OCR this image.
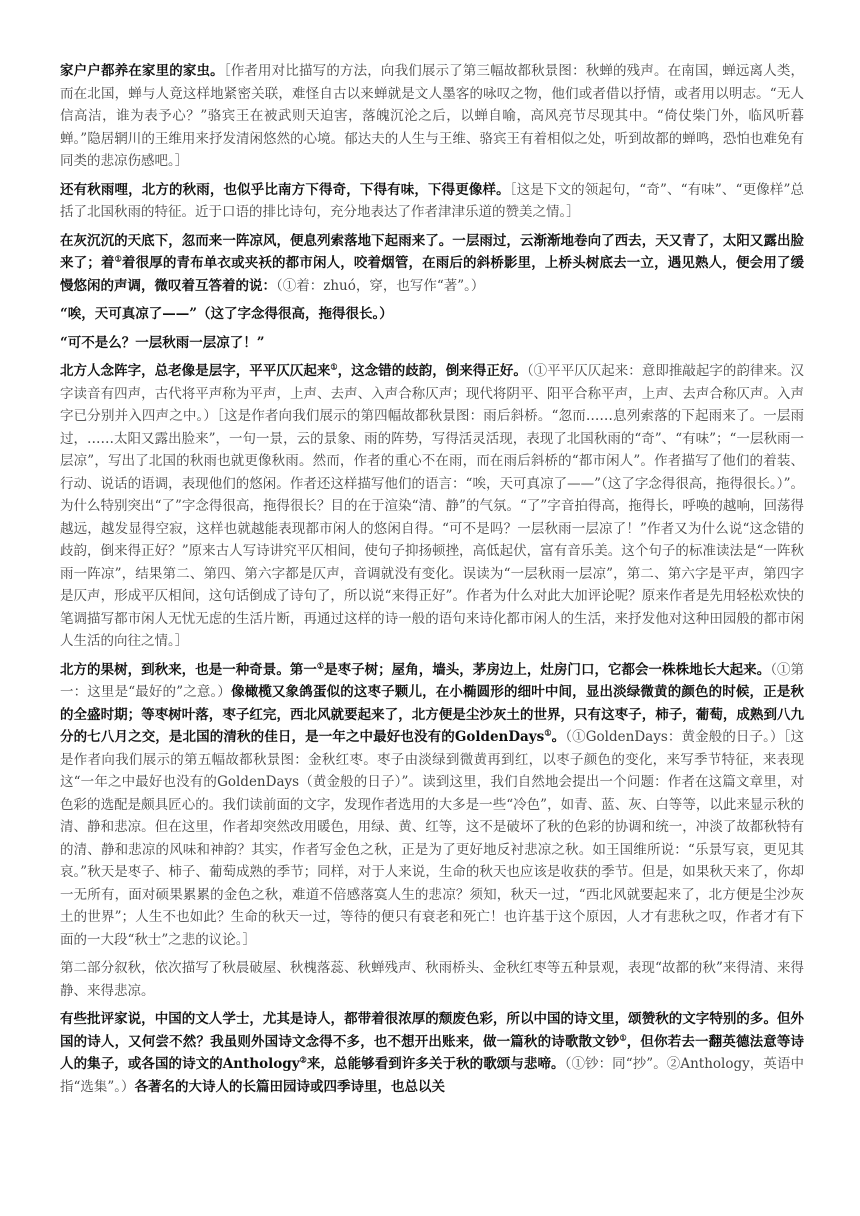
家户户都养在家里的家虫。［作者用对比描写的方法，向我们展示了第三幅故都秋景图：秋蝉的残声。在南国，蝉远离人类，而在北国，蝉与人竟这样地紧密关联，难怪自古以来蝉就是文人墨客的咏叹之物，他们或者借以抒情，或者用以明志。“无人信高洁，谁为表予心？”骆宾王在被武则天迫害，落魄沉沦之后，以蝉自喻，高风亮节尽现其中。“倚仗柴门外，临风听暮蝉。”隐居辋川的王维用来抒发清闲悠然的心境。郁达夫的人生与王维、骆宾王有着相似之处，听到故都的蝉鸣，恐怕也难免有同类的悲凉伤感吧。］

还有秋雨哩，北方的秋雨，也似乎比南方下得奇，下得有味，下得更像样。［这是下文的领起句，“奇”、“有味”、“更像样”总括了北国秋雨的特征。近于口语的排比诗句，充分地表达了作者津津乐道的赞美之情。］

在灰沉沉的天底下，忽而来一阵凉风，便息列索落地下起雨来了。一层雨过，云渐渐地卷向了西去，天又青了，太阳又露出脸来了；着①着很厚的青布单衣或夹袄的都市闲人，咬着烟管，在雨后的斜桥影里，上桥头树底去一立，遇见熟人，便会用了缓慢悠闲的声调，微叹着互答着的说：（①着：zhuó，穿，也写作“著”。）

“唉，天可真凉了——”（这了字念得很高，拖得很长。）

“可不是么？一层秋雨一层凉了！”

北方人念阵字，总老像是层字，平平仄仄起来①，这念错的歧韵，倒来得正好。（①平平仄仄起来：意即推敲起字的韵律来。汉字读音有四声，古代将平声称为平声，上声、去声、入声合称仄声；现代将阴平、阳平合称平声，上声、去声合称仄声。入声字已分别并入四声之中。）［这是作者向我们展示的第四幅故都秋景图：雨后斜桥。“忽而……息列索落的下起雨来了。一层雨过，……太阳又露出脸来”，一句一景，云的景象、雨的阵势，写得活灵活现，表现了北国秋雨的“奇”、“有味”；“一层秋雨一层凉”，写出了北国的秋雨也就更像秋雨。然而，作者的重心不在雨，而在雨后斜桥的“都市闲人”。作者描写了他们的着装、行动、说话的语调，表现他们的悠闲。作者还这样描写他们的语言：“唉，天可真凉了——”（这了字念得很高，拖得很长。）”。为什么特别突出“了”字念得很高，拖得很长？目的在于渲染“清、静”的气氛。“了”字音拍得高，拖得长，呼唤的越响，回荡得越远，越发显得空寂，这样也就越能表现都市闲人的悠闲自得。“可不是吗？一层秋雨一层凉了！”作者又为什么说“这念错的歧韵，倒来得正好？”原来古人写诗讲究平仄相间，使句子抑扬顿挫，高低起伏，富有音乐美。这个句子的标准读法是“一阵秋雨一阵凉”，结果第二、第四、第六字都是仄声，音调就没有变化。误读为“一层秋雨一层凉”，第二、第六字是平声，第四字是仄声，形成平仄相间，这句话倒成了诗句了，所以说“来得正好”。作者为什么对此大加评论呢？原来作者是先用轻松欢快的笔调描写都市闲人无忧无虑的生活片断，再通过这样的诗一般的语句来诗化都市闲人的生活，来抒发他对这种田园般的都市闲人生活的向往之情。］

北方的果树，到秋来，也是一种奇景。第一①是枣子树；屋角，墙头，茅房边上，灶房门口，它都会一株株地长大起来。（①第一：这里是“最好的”之意。）像橄榄又象鸽蛋似的这枣子颗儿，在小椭圆形的细叶中间，显出淡绿微黄的颜色的时候，正是秋的全盛时期；等枣树叶落，枣子红完，西北风就要起来了，北方便是尘沙灰土的世界，只有这枣子，柿子，葡萄，成熟到八九分的七八月之交，是北国的清秋的佳日，是一年之中最好也没有的GoldenDays①。（①GoldenDays：黄金般的日子。）［这是作者向我们展示的第五幅故都秋景图：金秋红枣。枣子由淡绿到微黄再到红，以枣子颜色的变化，来写季节特征，来表现这“一年之中最好也没有的GoldenDays（黄金般的日子）”。读到这里，我们自然地会提出一个问题：作者在这篇文章里，对色彩的选配是颇具匠心的。我们读前面的文字，发现作者选用的大多是一些“冷色”，如青、蓝、灰、白等等，以此来显示秋的清、静和悲凉。但在这里，作者却突然改用暖色，用绿、黄、红等，这不是破坏了秋的色彩的协调和统一，冲淡了故都秋特有的清、静和悲凉的风味和神韵？其实，作者写金色之秋，正是为了更好地反衬悲凉之秋。如王国维所说：“乐景写哀，更见其哀。”秋天是枣子、柿子、葡萄成熟的季节；同样，对于人来说，生命的秋天也应该是收获的季节。但是，如果秋天来了，你却一无所有，面对硕果累累的金色之秋，难道不倍感落寞人生的悲凉？须知，秋天一过，“西北风就要起来了，北方便是尘沙灰土的世界”；人生不也如此？生命的秋天一过，等待的便只有衰老和死亡！也许基于这个原因，人才有悲秋之叹，作者才有下面的一大段“秋士”之悲的议论。］

第二部分叙秋，依次描写了秋晨破屋、秋槐落蕊、秋蝉残声、秋雨桥头、金秋红枣等五种景观，表现“故都的秋”来得清、来得静、来得悲凉。

有些批评家说，中国的文人学士，尤其是诗人，都带着很浓厚的颓废色彩，所以中国的诗文里，颂赞秋的文字特别的多。但外国的诗人，又何尝不然？我虽则外国诗文念得不多，也不想开出账来，做一篇秋的诗歌散文钞①，但你若去一翻英德法意等诗人的集子，或各国的诗文的Anthology②来，总能够看到许多关于秋的歌颂与悲啼。（①钞：同“抄”。②Anthology，英语中指“选集”。）各著名的大诗人的长篇田园诗或四季诗里，也总以关
